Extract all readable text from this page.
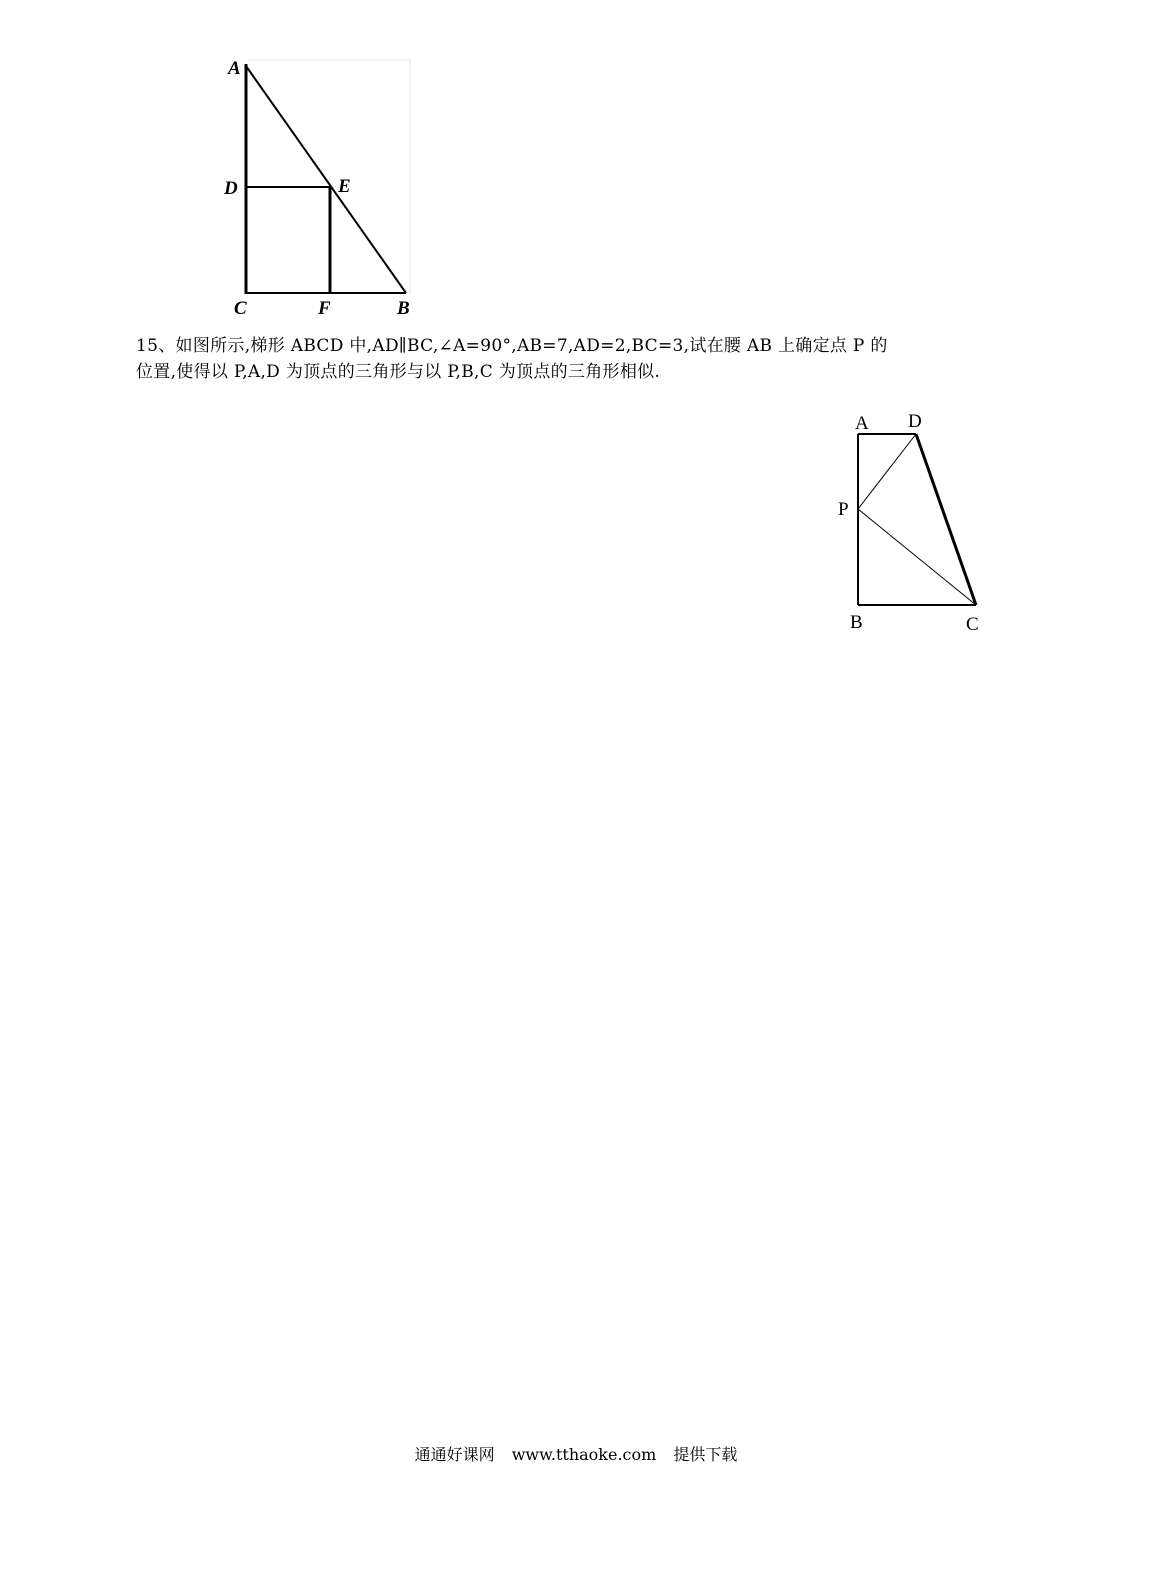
A
D	E
C	F	B

15、如图所示,梯形 ABCD 中,AD∥BC,∠A=90°,AB=7,AD=2,BC=3,试在腰 AB 上确定点 P 的

位置,使得以 P,A,D 为顶点的三角形与以 P,B,C 为顶点的三角形相似.

A D
P
B	C
通通好课网 www.tthaoke.com 提供下载
